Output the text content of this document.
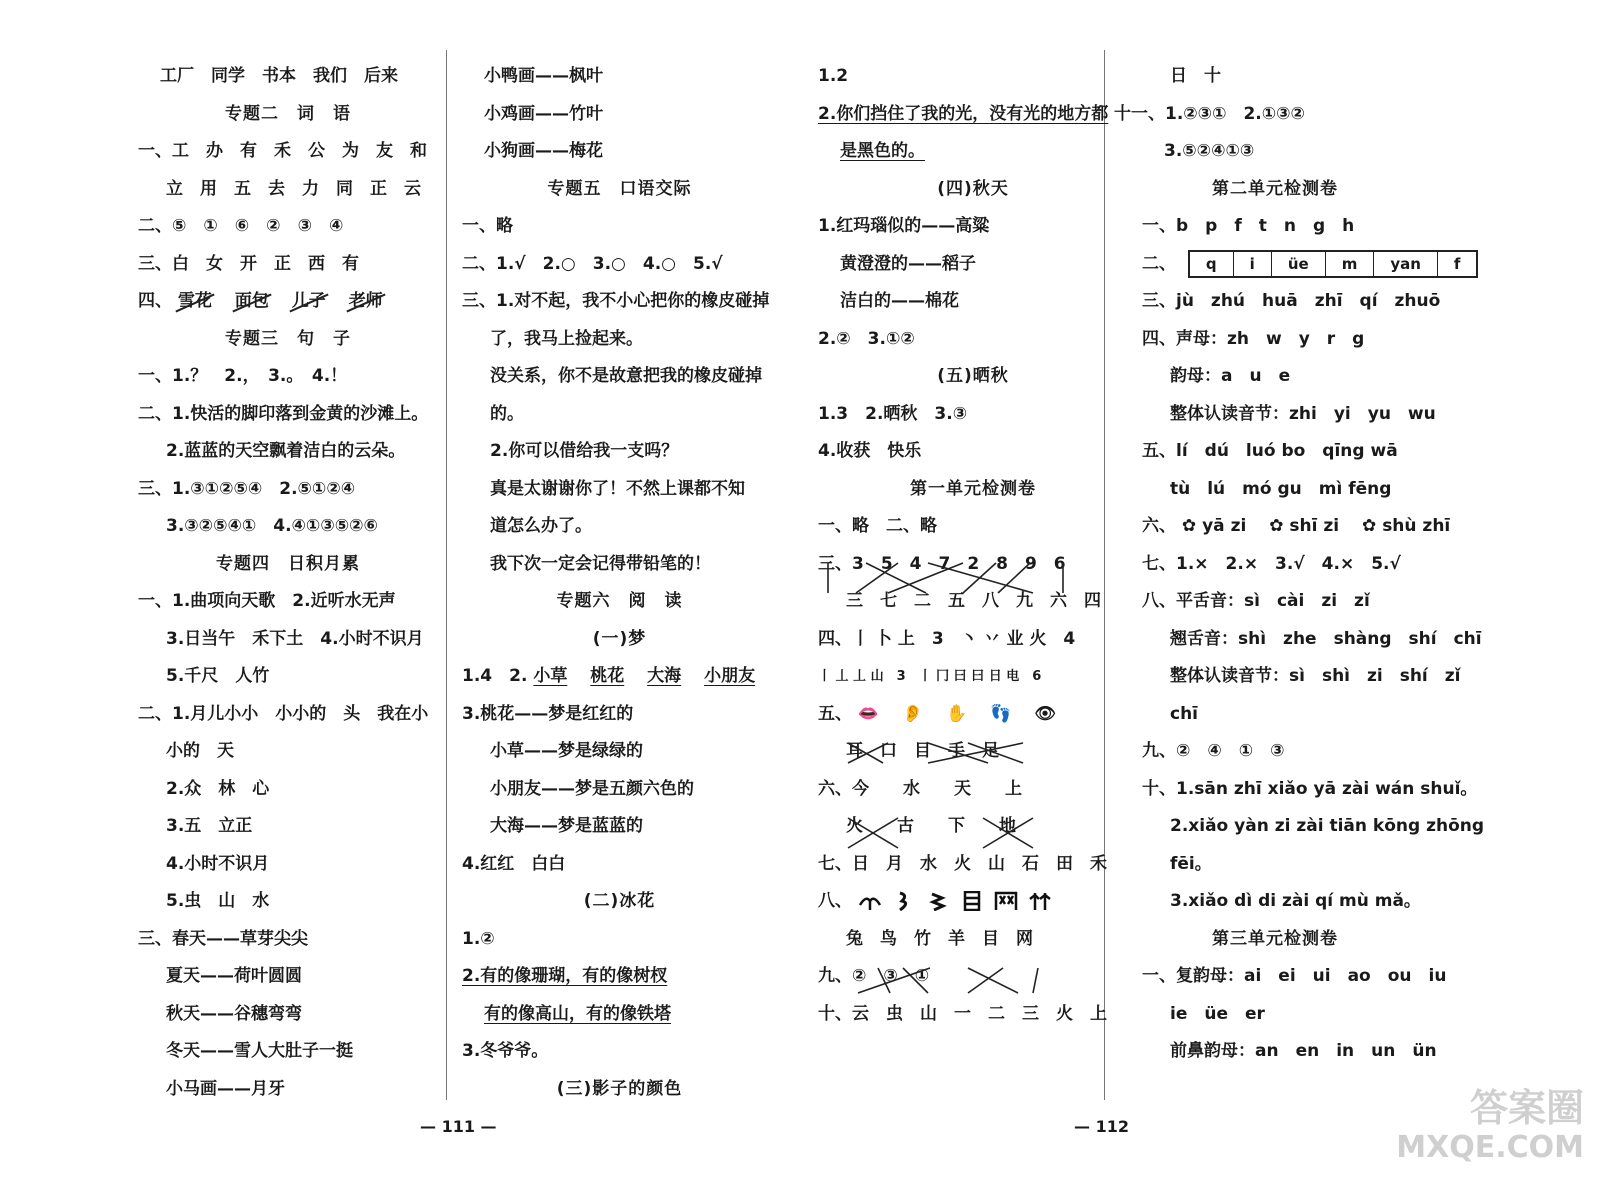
工厂　同学　书本　我们　后来
专题二　词　语
一、工　办　有　禾　公　为　友　和
立　用　五　去　力　同　正　云
二、⑤　①　⑥　②　③　④
三、白　女　开　正　西　有
四、 雪花　 面包　 儿子　 老师
专题三　句　子
一、1.？　2.，　3.。　4.！
二、1.快活的脚印落到金黄的沙滩上。
2.蓝蓝的天空飘着洁白的云朵。
三、1.③①②⑤④　2.⑤①②④
3.③②⑤④①　4.④①③⑤②⑥
专题四　日积月累
一、1.曲项向天歌　2.近听水无声
3.日当午　禾下土　4.小时不识月
5.千尺　人竹
二、1.月儿小小　小小的　头　我在小
小的　天
2.众　林　心
3.五　立正
4.小时不识月
5.虫　山　水
三、春天——草芽尖尖
夏天——荷叶圆圆
秋天——谷穗弯弯
冬天——雪人大肚子一挺
小马画——月牙
小鸭画——枫叶
小鸡画——竹叶
小狗画——梅花
专题五　口语交际
一、略
二、1.√　2.○　3.○　4.○　5.√
三、1.对不起，我不小心把你的橡皮碰掉
了，我马上捡起来。
没关系，你不是故意把我的橡皮碰掉
的。
2.你可以借给我一支吗？
真是太谢谢你了！不然上课都不知
道怎么办了。
我下次一定会记得带铅笔的！
专题六　阅　读
(一)梦
1.4　2. 小草　 桃花　 大海　 小朋友
3.桃花——梦是红红的
小草——梦是绿绿的
小朋友——梦是五颜六色的
大海——梦是蓝蓝的
4.红红　白白
(二)冰花
1.②
2.有的像珊瑚，有的像树杈
有的像高山，有的像铁塔
3.冬爷爷。
(三)影子的颜色
1.2
2.你们挡住了我的光，没有光的地方都
是黑色的。
(四)秋天
1.红玛瑙似的——高粱
黄澄澄的——稻子
洁白的——棉花
2.②　3.①②
(五)晒秋
1.3　2.晒秋　3.③
4.收获　快乐
第一单元检测卷
一、略　二、略
三、3　5　4　7　2　8　9　6
三　七　二　五　八　九　六　四
四、丨 卜 上　3　丶 丷 业 火　4
丨 丄 丄 山　3　丨 冂 曰 曰 日 电　6
五、 👄　 👂　 ✋　 👣　 👁
耳　口　目　手　足
六、今　　水　　天　　上
火　　古　　下　　地
七、日　月　水　火　山　石　田　禾
八、
兔　鸟　竹　羊　目　网
九、②　③　①
十、云　虫　山　一　二　三　火　上
日　十
十一、1.②③①　2.①③②
3.⑤②④①③
第二单元检测卷
一、b　p　f　t　n　g　h
二、	q	i	üe	m	yan	f
三、jù　zhú　huā　zhī　qí　zhuō
四、声母：zh　w　y　r　g
韵母：a　u　e
整体认读音节：zhi　yi　yu　wu
五、lí　dú　luó bo　qīng wā
tù　lú　mó gu　mì fēng
六、 ✿ yā zi　 ✿ shī zi　 ✿ shù zhī
七、1.×　2.×　3.√　4.×　5.√
八、平舌音：sì　cài　zi　zǐ
翘舌音：shì　zhe　shàng　shí　chī
整体认读音节：sì　shì　zi　shí　zǐ
chī
九、②　④　①　③
十、1.sān zhī xiǎo yā zài wán shuǐ。
2.xiǎo yàn zi zài tiān kōng zhōng
fēi。
3.xiǎo dì di zài qí mù mǎ。
第三单元检测卷
一、复韵母：ai　ei　ui　ao　ou　iu
ie　üe　er
前鼻韵母：an　en　in　un　ün
— 111 —	— 112	答案圈
MXQE.COM
